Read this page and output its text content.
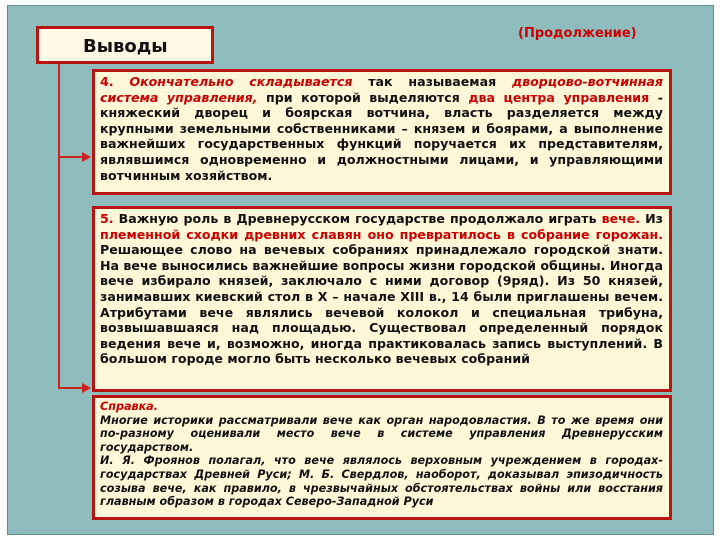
Выводы
(Продолжение)
4. Окончательно складывается так называемая дворцово-вотчинная система управления, при которой выделяются два центра управления - княжеский дворец и боярская вотчина, власть разделяется между крупными земельными собственниками – князем и боярами, а выполнение важнейших государственных функций поручается их представителям, являвшимся одновременно и должностными лицами, и управляющими вотчинным хозяйством.
5. Важную роль в Древнерусском государстве продолжало играть вече. Из племенной сходки древних славян оно превратилось в собрание горожан. Решающее слово на вечевых собраниях принадлежало городской знати. На вече выносились важнейшие вопросы жизни городской общины. Иногда вече избирало князей, заключало с ними договор (9ряд). Из 50 князей, занимавших киевский стол в X – начале XIII в., 14 были приглашены вечем. Атрибутами вече являлись вечевой колокол и специальная трибуна, возвышавшаяся над площадью. Существовал определенный порядок ведения вече и, возможно, иногда практиковалась запись выступлений. В большом городе могло быть несколько вечевых собраний
Справка.
Многие историки рассматривали вече как орган народовластия. В то же время они по-разному оценивали место вече в системе управления Древнерусским государством.
И. Я. Фроянов полагал, что вече являлось верховным учреждением в городах-государствах Древней Руси; М. Б. Свердлов, наоборот, доказывал эпизодичность созыва вече, как правило, в чрезвычайных обстоятельствах войны или восстания главным образом в городах Северо-Западной Руси
